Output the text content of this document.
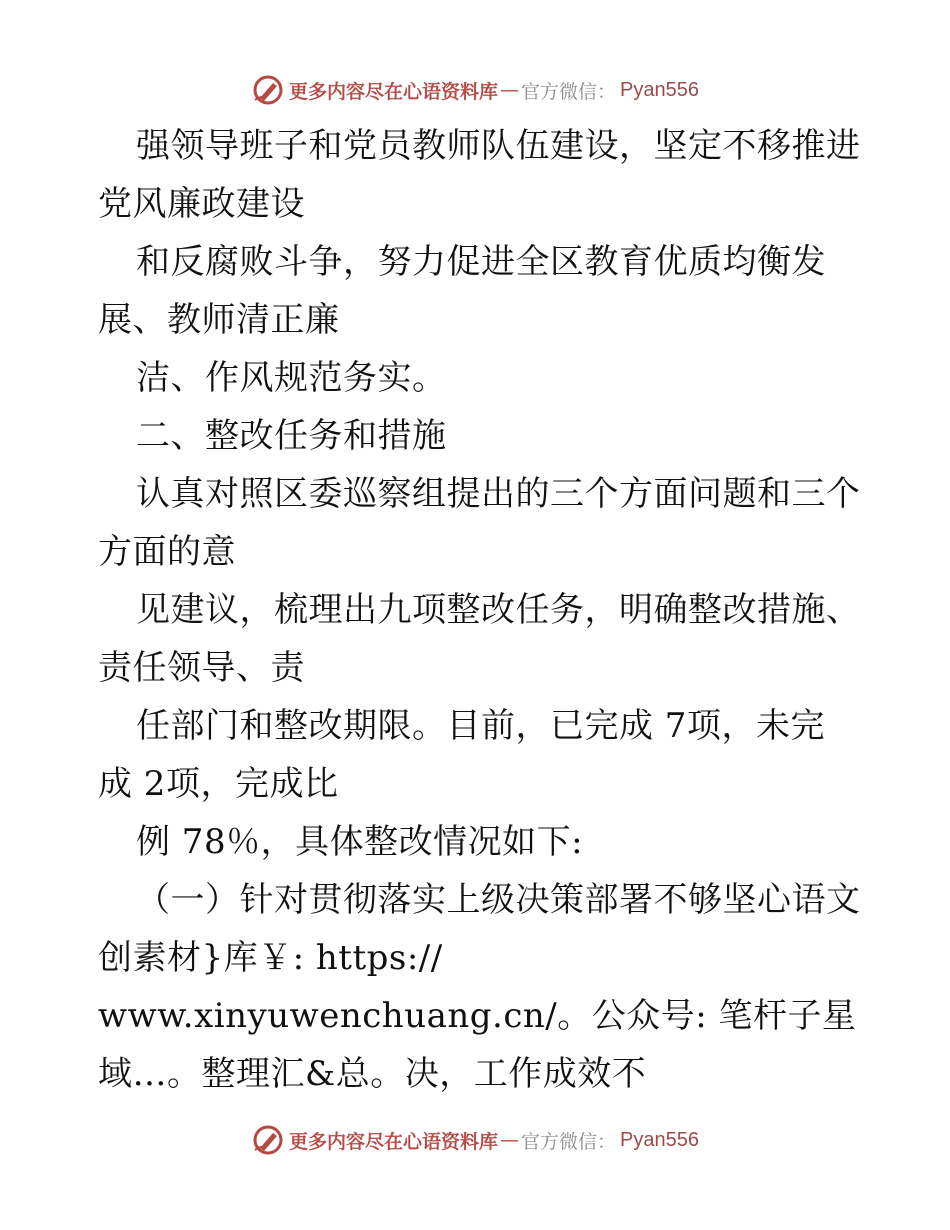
更多内容尽在心语资料库 — 官方微信： Pyan556
强领导班子和党员教师队伍建设，坚定不移推进
党风廉政建设
和反腐败斗争，努力促进全区教育优质均衡发
展、教师清正廉
洁、作风规范务实。
二、整改任务和措施
认真对照区委巡察组提出的三个方面问题和三个
方面的意
见建议，梳理出九项整改任务，明确整改措施、
责任领导、责
任部门和整改期限。目前，已完成 7项，未完
成 2项，完成比
例 78％，具体整改情况如下:
（一）针对贯彻落实上级决策部署不够坚心语文
创素材}库￥: https://
www.xinyuwenchuang.cn/。公众号: 笔杆子星
域…。整理汇&总。决，工作成效不
更多内容尽在心语资料库 — 官方微信： Pyan556
